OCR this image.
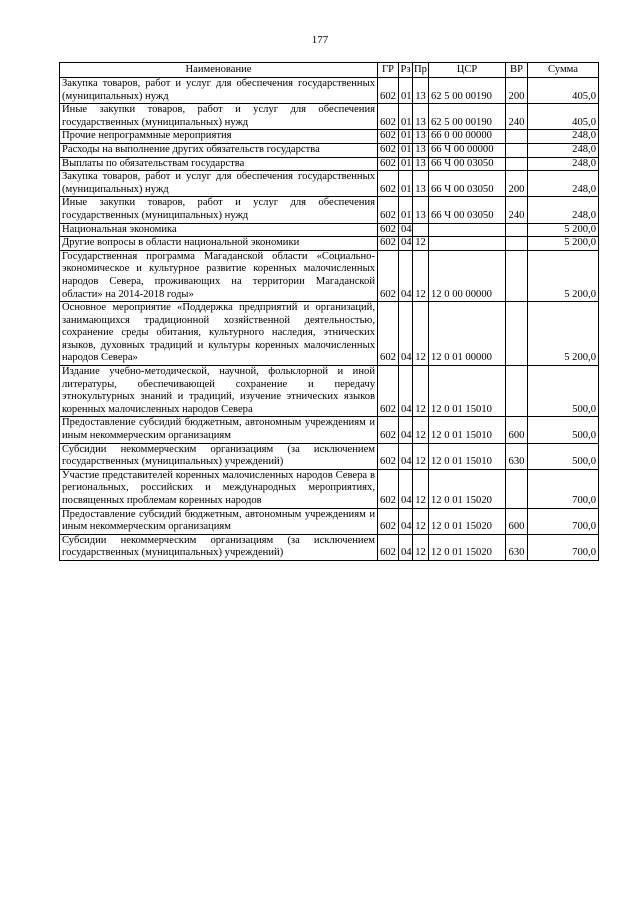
177
Наименование	ГР	Рз	Пр	ЦСР	ВР	Сумма
Закупка товаров, работ и услуг для обеспечения государственных (муниципальных) нужд	602	01	13	62 5 00 00190	200	405,0
Иные закупки товаров, работ и услуг для обеспечения государственных (муниципальных) нужд	602	01	13	62 5 00 00190	240	405,0
Прочие непрограммные мероприятия	602	01	13	66 0 00 00000		248,0
Расходы на выполнение других обязательств государства	602	01	13	66 Ч 00 00000		248,0
Выплаты по обязательствам государства	602	01	13	66 Ч 00 03050		248,0
Закупка товаров, работ и услуг для обеспечения государственных (муниципальных) нужд	602	01	13	66 Ч 00 03050	200	248,0
Иные закупки товаров, работ и услуг для обеспечения государственных (муниципальных) нужд	602	01	13	66 Ч 00 03050	240	248,0
Национальная экономика	602	04				5 200,0
Другие вопросы в области национальной экономики	602	04	12			5 200,0
Государственная программа Магаданской области «Социально-экономическое и культурное развитие коренных малочисленных народов Севера, проживающих на территории Магаданской области» на 2014-2018 годы»	602	04	12	12 0 00 00000		5 200,0
Основное мероприятие «Поддержка предприятий и организаций, занимающихся традиционной хозяйственной деятельностью, сохранение среды обитания, культурного наследия, этнических языков, духовных традиций и культуры коренных малочисленных народов Севера»	602	04	12	12 0 01 00000		5 200,0
Издание учебно-методической, научной, фольклорной и иной литературы, обеспечивающей сохранение и передачу этнокультурных знаний и традиций, изучение этнических языков коренных малочисленных народов Севера	602	04	12	12 0 01 15010		500,0
Предоставление субсидий бюджетным, автономным учреждениям и иным некоммерческим организациям	602	04	12	12 0 01 15010	600	500,0
Субсидии некоммерческим организациям (за исключением государственных (муниципальных) учреждений)	602	04	12	12 0 01 15010	630	500,0
Участие представителей коренных малочисленных народов Севера в региональных, российских и международных мероприятиях, посвященных проблемам коренных народов	602	04	12	12 0 01 15020		700,0
Предоставление субсидий бюджетным, автономным учреждениям и иным некоммерческим организациям	602	04	12	12 0 01 15020	600	700,0
Субсидии некоммерческим организациям (за исключением государственных (муниципальных) учреждений)	602	04	12	12 0 01 15020	630	700,0
